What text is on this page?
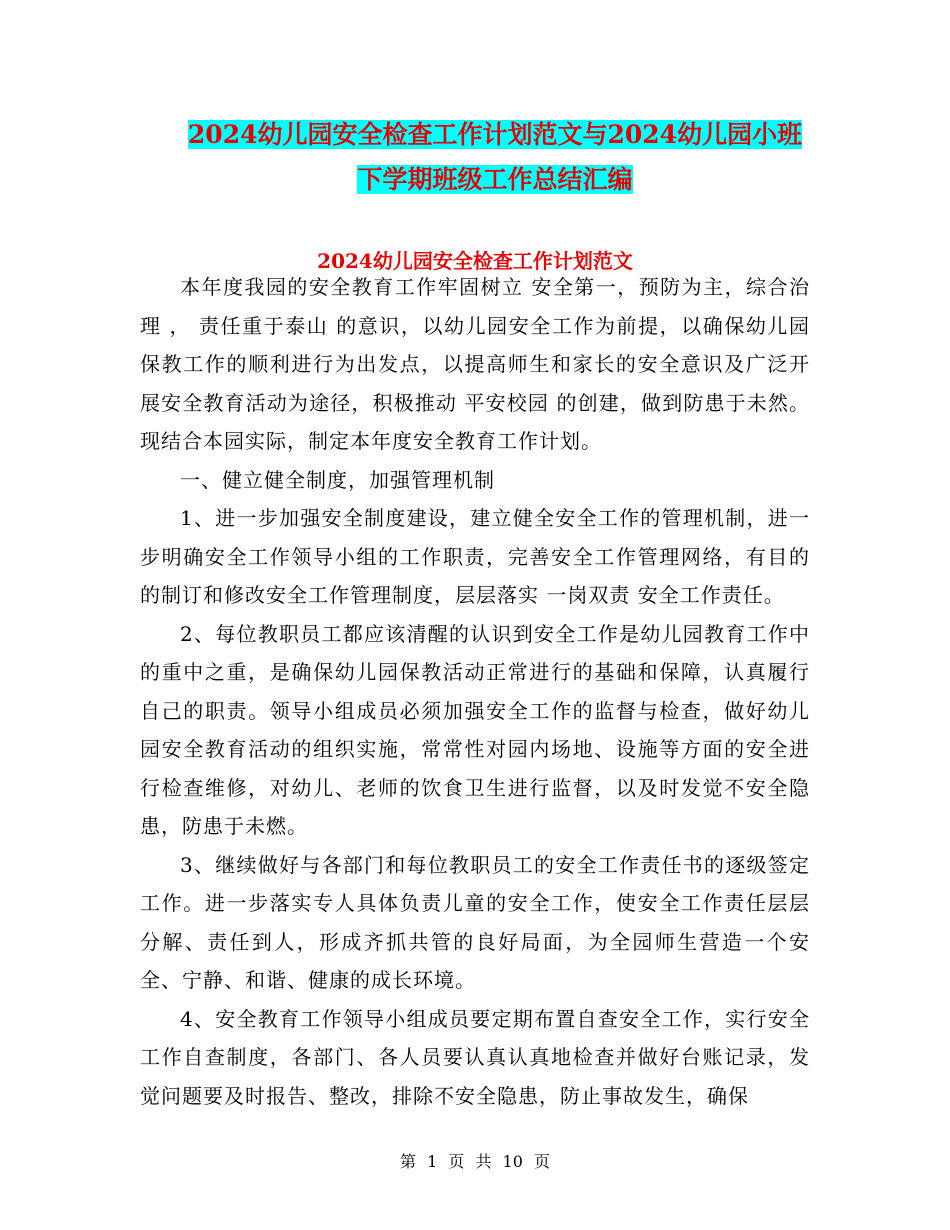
2024幼儿园安全检查工作计划范文与2024幼儿园小班
下学期班级工作总结汇编
2024幼儿园安全检查工作计划范文

本年度我园的安全教育工作牢固树立 安全第一，预防为主，综合治理 ， 责任重于泰山 的意识，以幼儿园安全工作为前提，以确保幼儿园保教工作的顺利进行为出发点，以提高师生和家长的安全意识及广泛开展安全教育活动为途径，积极推动 平安校园 的创建，做到防患于未然。现结合本园实际，制定本年度安全教育工作计划。

一、健立健全制度，加强管理机制

1、进一步加强安全制度建设，建立健全安全工作的管理机制，进一步明确安全工作领导小组的工作职责，完善安全工作管理网络，有目的的制订和修改安全工作管理制度，层层落实 一岗双责 安全工作责任。

2、每位教职员工都应该清醒的认识到安全工作是幼儿园教育工作中的重中之重，是确保幼儿园保教活动正常进行的基础和保障，认真履行自己的职责。领导小组成员必须加强安全工作的监督与检查，做好幼儿园安全教育活动的组织实施，常常性对园内场地、设施等方面的安全进行检查维修，对幼儿、老师的饮食卫生进行监督，以及时发觉不安全隐患，防患于未燃。

3、继续做好与各部门和每位教职员工的安全工作责任书的逐级签定工作。进一步落实专人具体负责儿童的安全工作，使安全工作责任层层分解、责任到人，形成齐抓共管的良好局面，为全园师生营造一个安全、宁静、和谐、健康的成长环境。

4、安全教育工作领导小组成员要定期布置自查安全工作，实行安全工作自查制度，各部门、各人员要认真认真地检查并做好台账记录，发觉问题要及时报告、整改，排除不安全隐患，防止事故发生，确保

第 1 页 共 10 页
